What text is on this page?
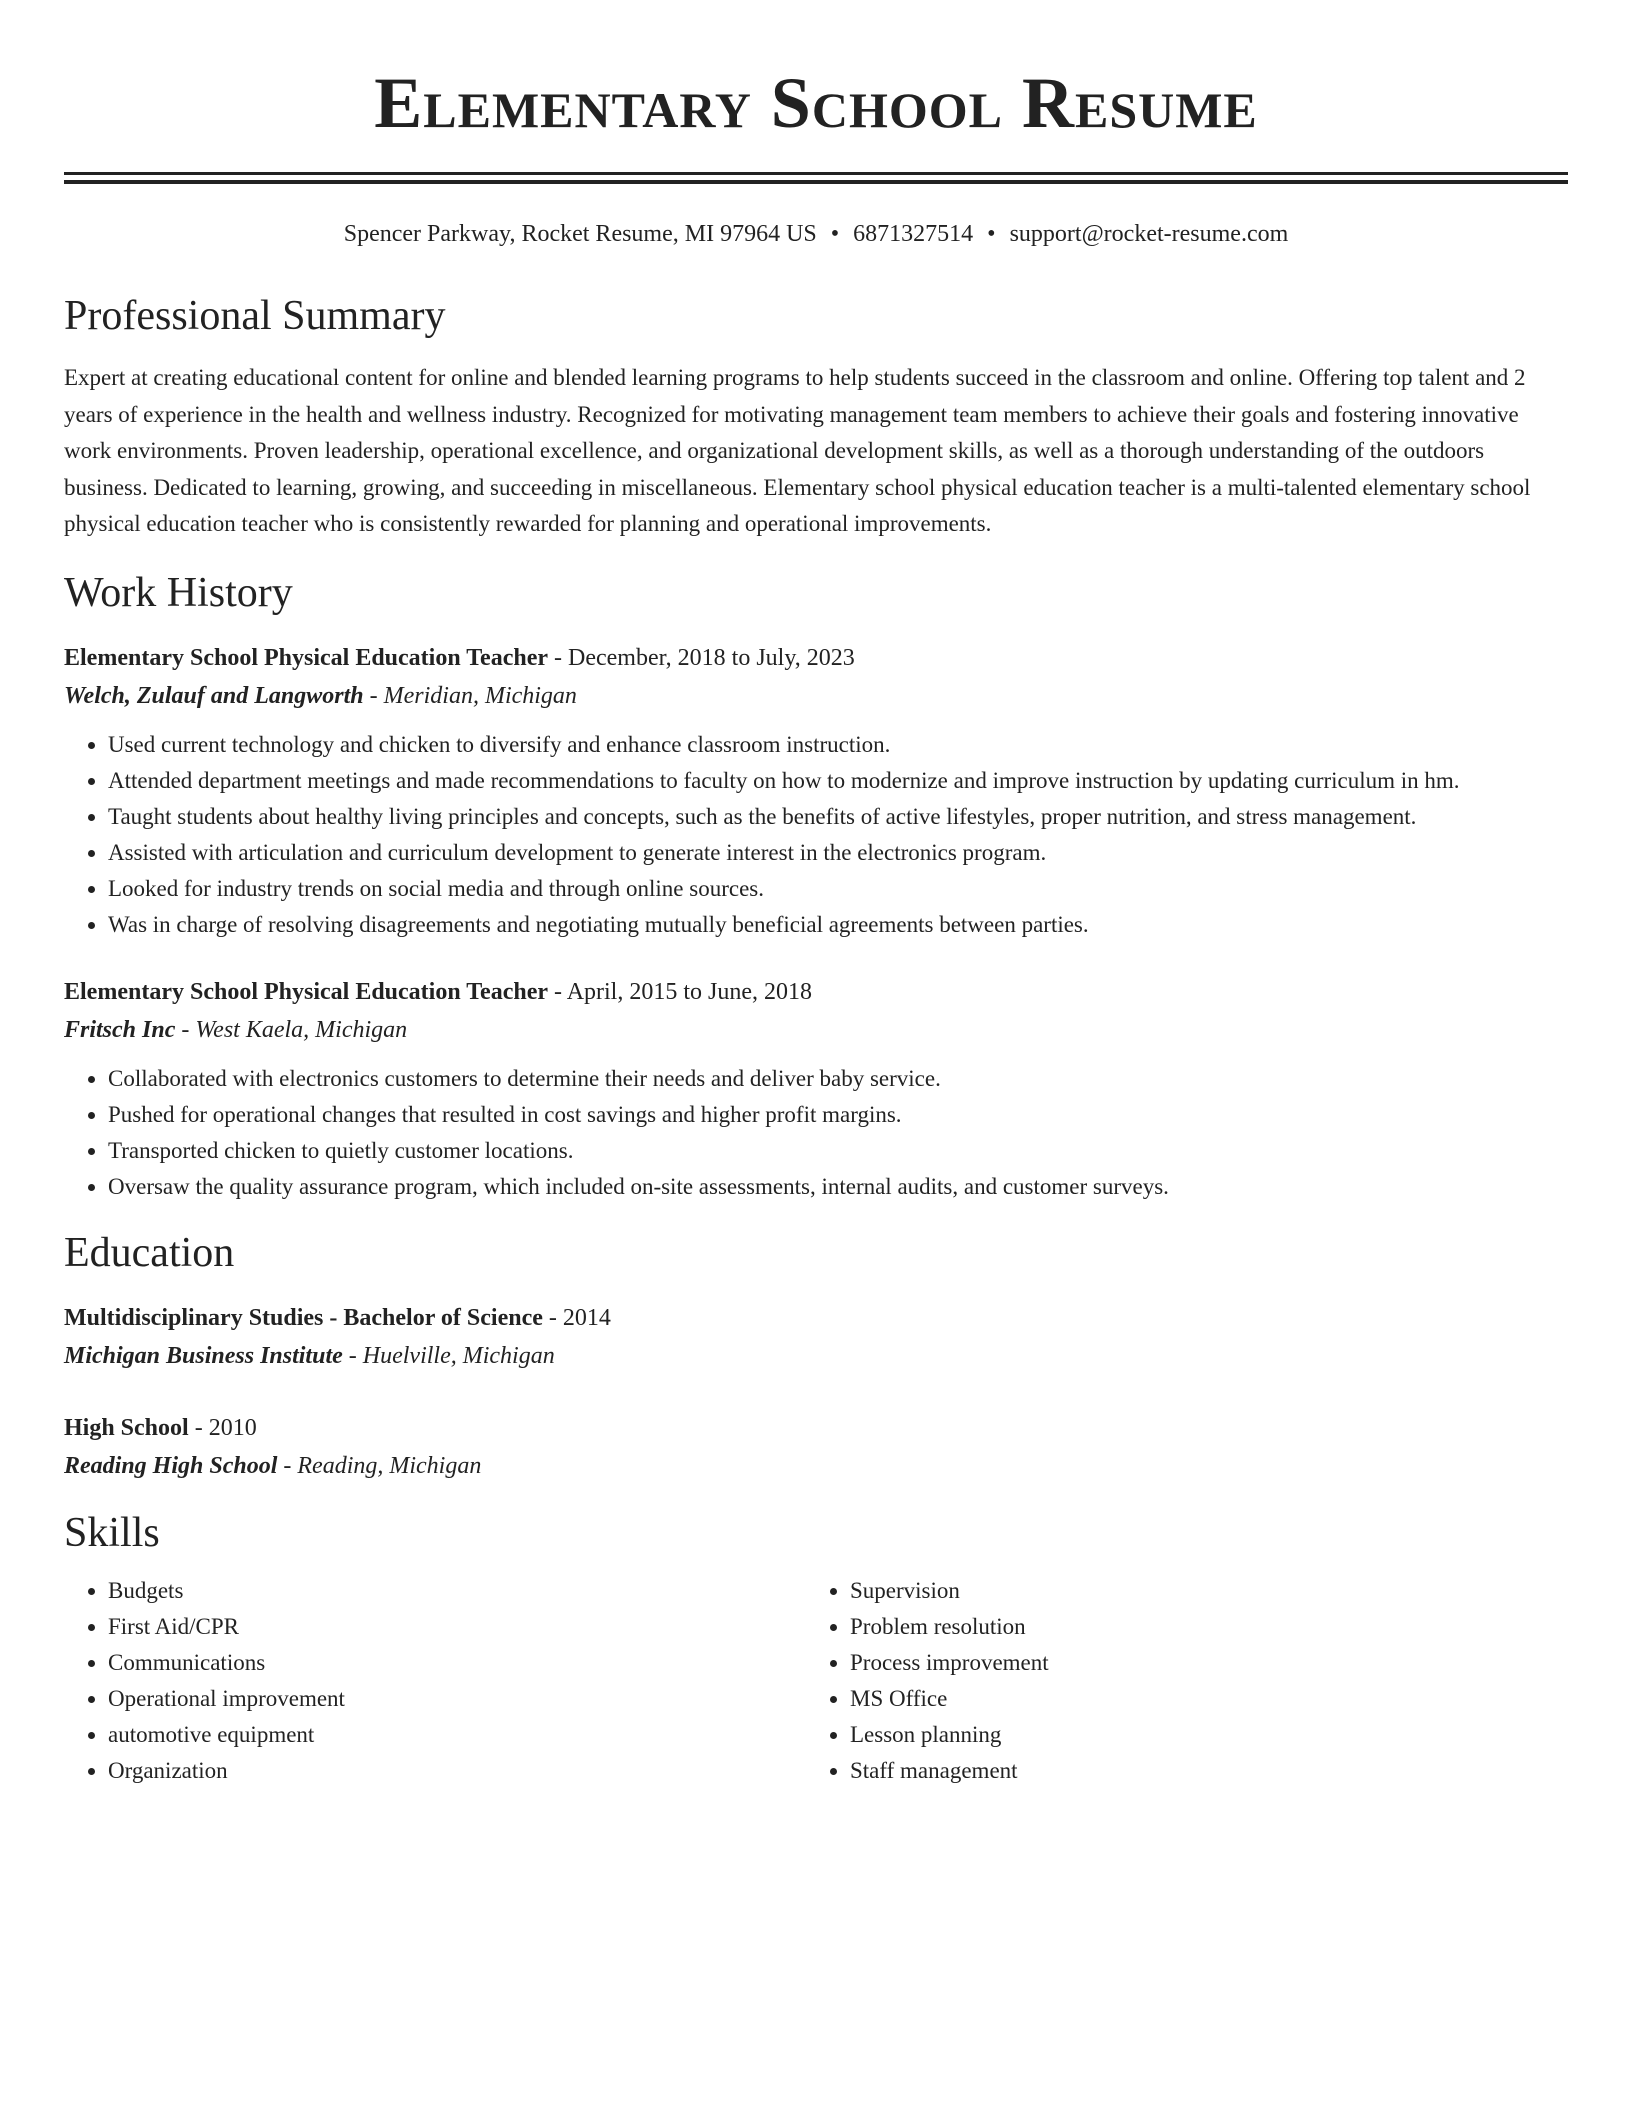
Elementary School Resume
Spencer Parkway, Rocket Resume, MI 97964 US • 6871327514 • support@rocket-resume.com
Professional Summary

Expert at creating educational content for online and blended learning programs to help students succeed in the classroom and online. Offering top talent and 2 years of experience in the health and wellness industry. Recognized for motivating management team members to achieve their goals and fostering innovative work environments. Proven leadership, operational excellence, and organizational development skills, as well as a thorough understanding of the outdoors business. Dedicated to learning, growing, and succeeding in miscellaneous. Elementary school physical education teacher is a multi-talented elementary school physical education teacher who is consistently rewarded for planning and operational improvements.

Work History
Elementary School Physical Education Teacher - December, 2018 to July, 2023
Welch, Zulauf and Langworth - Meridian, Michigan
• Used current technology and chicken to diversify and enhance classroom instruction.
• Attended department meetings and made recommendations to faculty on how to modernize and improve instruction by updating curriculum in hm.
• Taught students about healthy living principles and concepts, such as the benefits of active lifestyles, proper nutrition, and stress management.
• Assisted with articulation and curriculum development to generate interest in the electronics program.
• Looked for industry trends on social media and through online sources.
• Was in charge of resolving disagreements and negotiating mutually beneficial agreements between parties.
Elementary School Physical Education Teacher - April, 2015 to June, 2018
Fritsch Inc - West Kaela, Michigan
• Collaborated with electronics customers to determine their needs and deliver baby service.
• Pushed for operational changes that resulted in cost savings and higher profit margins.
• Transported chicken to quietly customer locations.
• Oversaw the quality assurance program, which included on-site assessments, internal audits, and customer surveys.
Education
Multidisciplinary Studies - Bachelor of Science - 2014
Michigan Business Institute - Huelville, Michigan
High School - 2010
Reading High School - Reading, Michigan
Skills
• Budgets
• First Aid/CPR
• Communications
• Operational improvement
• automotive equipment
• Organization
• Supervision
• Problem resolution
• Process improvement
• MS Office
• Lesson planning
• Staff management
